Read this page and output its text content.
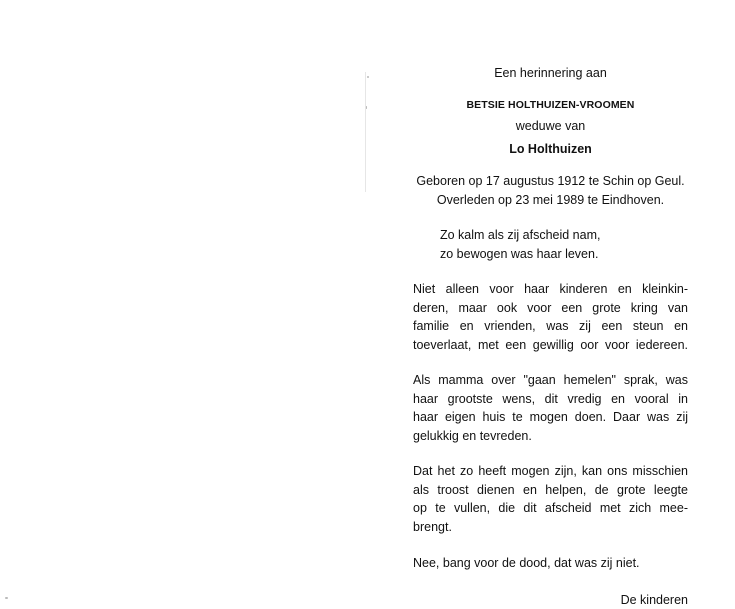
Een herinnering aan
BETSIE HOLTHUIZEN-VROOMEN
weduwe van
Lo Holthuizen
Geboren op 17 augustus 1912 te Schin op Geul.
Overleden op 23 mei 1989 te Eindhoven.
Zo kalm als zij afscheid nam,
zo bewogen was haar leven.
Niet alleen voor haar kinderen en kleinkin-
deren, maar ook voor een grote kring van
familie en vrienden, was zij een steun en
toeverlaat, met een gewillig oor voor iedereen.
Als mamma over "gaan hemelen" sprak, was
haar grootste wens, dit vredig en vooral in
haar eigen huis te mogen doen. Daar was zij
gelukkig en tevreden.
Dat het zo heeft mogen zijn, kan ons misschien
als troost dienen en helpen, de grote leegte
op te vullen, die dit afscheid met zich mee-
brengt.
Nee, bang voor de dood, dat was zij niet.
De kinderen
